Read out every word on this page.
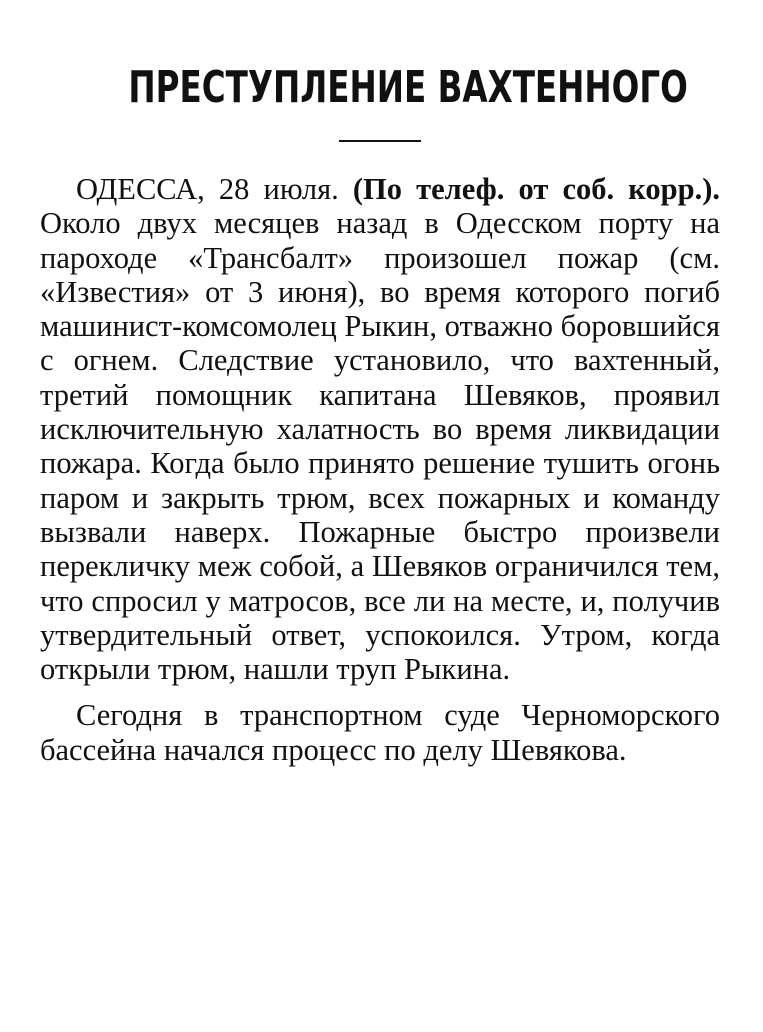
ПРЕСТУПЛЕНИЕ ВАХТЕННОГО

ОДЕССА, 28 июля. (По телеф. от соб. корр.). Около двух месяцев назад в Одесском порту на пароходе «Трансбалт» произошел пожар (см. «Известия» от 3 июня), во время которого погиб машинист-комсомолец Рыкин, отважно боровшийся с огнем. Следствие установило, что вахтенный, третий помощник капитана Шевяков, проявил исключительную халатность во время ликвидации пожара. Когда было принято решение тушить огонь паром и закрыть трюм, всех пожарных и команду вызвали наверх. Пожарные быстро произвели перекличку меж собой, а Шевяков ограничился тем, что спросил у матросов, все ли на месте, и, получив утвердительный ответ, успокоился. Утром, когда открыли трюм, нашли труп Рыкина.

Сегодня в транспортном суде Черноморского бассейна начался процесс по делу Шевякова.
